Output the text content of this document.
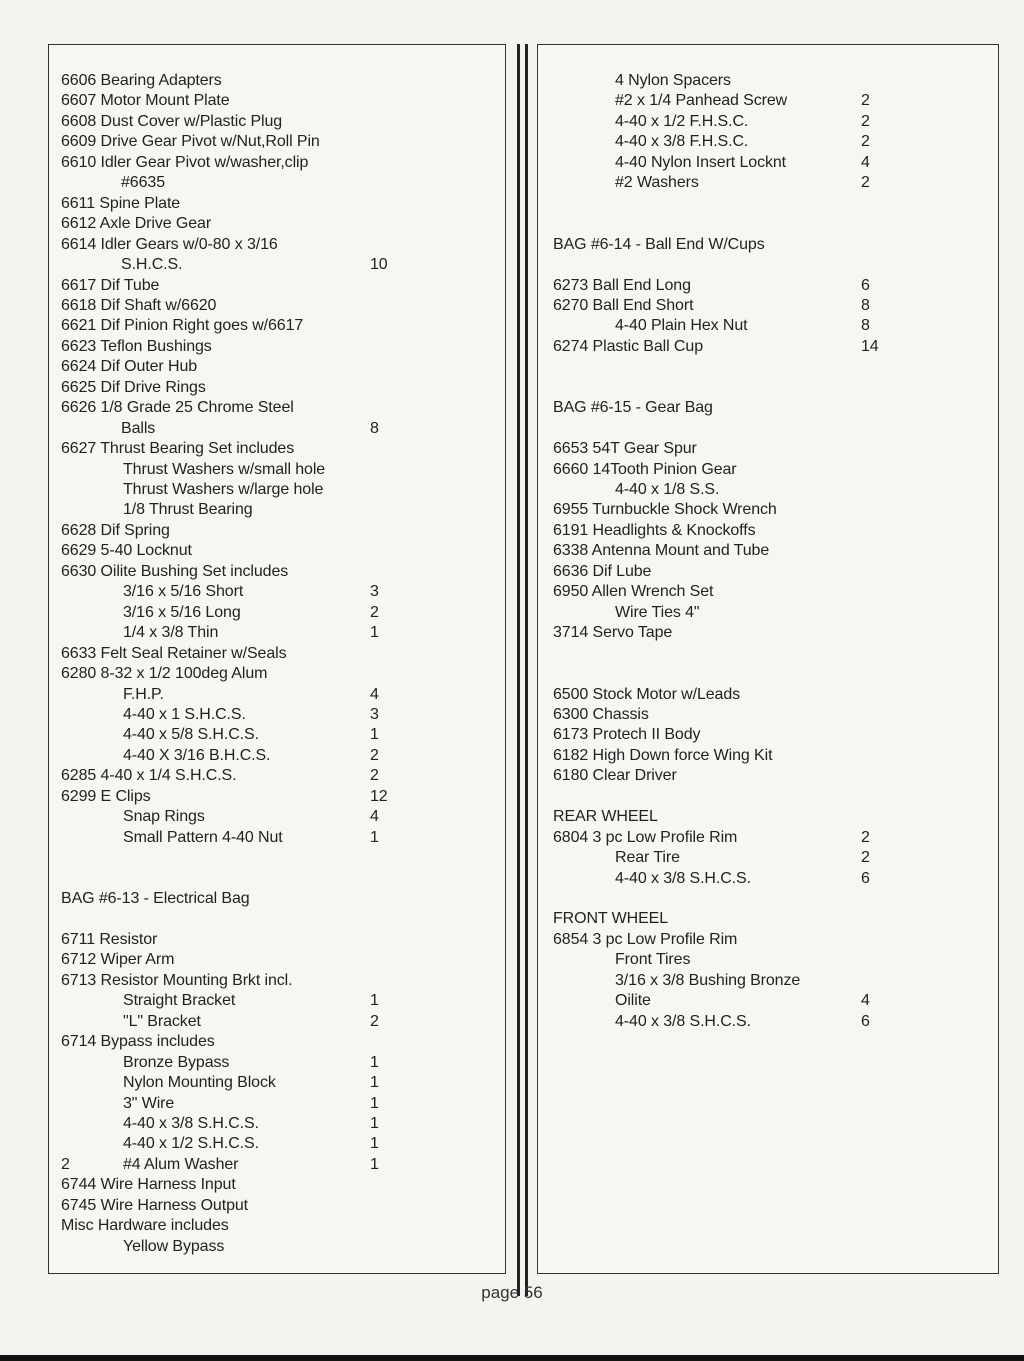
6606 Bearing Adapters
6607 Motor Mount Plate
6608 Dust Cover w/Plastic Plug
6609 Drive Gear Pivot w/Nut,Roll Pin
6610 Idler Gear Pivot w/washer,clip
#6635
6611 Spine Plate
6612 Axle Drive Gear
6614 Idler Gears w/0-80 x 3/16
S.H.C.S.	10
6617 Dif Tube
6618 Dif Shaft w/6620
6621 Dif Pinion Right goes w/6617
6623 Teflon Bushings
6624 Dif Outer Hub
6625 Dif Drive Rings
6626 1/8 Grade 25 Chrome Steel
Balls	8
6627 Thrust Bearing Set includes
Thrust Washers w/small hole
Thrust Washers w/large hole
1/8 Thrust Bearing
6628 Dif Spring
6629 5-40 Locknut
6630 Oilite Bushing Set includes
3/16 x 5/16 Short	3
3/16 x 5/16 Long	2
1/4 x 3/8 Thin	1
6633 Felt Seal Retainer w/Seals
6280 8-32 x 1/2 100deg Alum
F.H.P.	4
4-40 x 1 S.H.C.S.	3
4-40 x 5/8 S.H.C.S.	1
4-40 X 3/16 B.H.C.S.	2
6285 4-40 x 1/4 S.H.C.S.	2
6299 E Clips	12
Snap Rings	4
Small Pattern 4-40 Nut	1
BAG #6-13 - Electrical Bag
6711 Resistor
6712 Wiper Arm
6713 Resistor Mounting Brkt incl.
Straight Bracket	1
"L" Bracket	2
6714 Bypass includes
Bronze Bypass	1
Nylon Mounting Block	1
3" Wire	1
4-40 x 3/8 S.H.C.S.	1
4-40 x 1/2 S.H.C.S.	1
2	#4 Alum Washer	1
6744 Wire Harness Input
6745 Wire Harness Output
Misc Hardware includes
Yellow Bypass
4 Nylon Spacers
#2 x 1/4 Panhead Screw	2
4-40 x 1/2 F.H.S.C.	2
4-40 x 3/8 F.H.S.C.	2
4-40 Nylon Insert Locknt	4
#2 Washers	2
BAG #6-14 - Ball End W/Cups
6273 Ball End Long	6
6270 Ball End Short	8
4-40 Plain Hex Nut	8
6274 Plastic Ball Cup	14
BAG #6-15 - Gear Bag
6653 54T Gear Spur
6660 14Tooth Pinion Gear
4-40 x 1/8 S.S.
6955 Turnbuckle Shock Wrench
6191 Headlights & Knockoffs
6338 Antenna Mount and Tube
6636 Dif Lube
6950 Allen Wrench Set
Wire Ties 4"
3714 Servo Tape
6500 Stock Motor w/Leads
6300 Chassis
6173 Protech II Body
6182 High Down force Wing Kit
6180 Clear Driver
REAR WHEEL
6804 3 pc Low Profile Rim	2
Rear Tire	2
4-40 x 3/8 S.H.C.S.	6
FRONT WHEEL
6854 3 pc Low Profile Rim
Front Tires
3/16 x 3/8 Bushing Bronze
Oilite	4
4-40 x 3/8 S.H.C.S.	6
page 56
